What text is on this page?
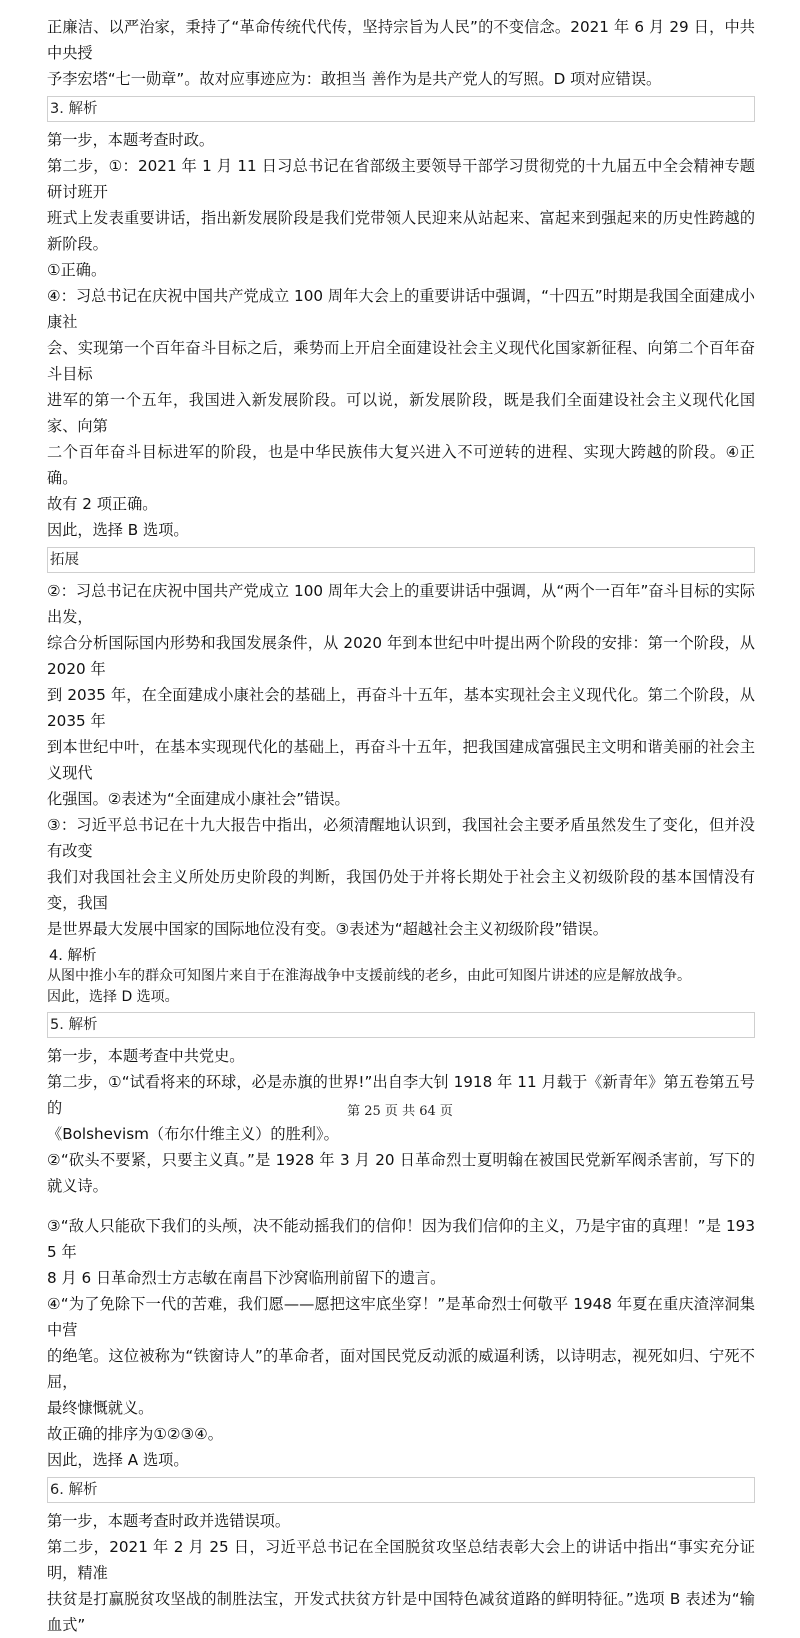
正廉洁、以严治家，秉持了“革命传统代代传，坚持宗旨为人民”的不变信念。2021 年 6 月 29 日，中共中央授

予李宏塔“七一勋章”。故对应事迹应为：敢担当 善作为是共产党人的写照。D 项对应错误。

3. 解析

第一步，本题考查时政。

第二步，①：2021 年 1 月 11 日习总书记在省部级主要领导干部学习贯彻党的十九届五中全会精神专题研讨班开

班式上发表重要讲话，指出新发展阶段是我们党带领人民迎来从站起来、富起来到强起来的历史性跨越的新阶段。

①正确。

④：习总书记在庆祝中国共产党成立 100 周年大会上的重要讲话中强调，“十四五”时期是我国全面建成小康社

会、实现第一个百年奋斗目标之后，乘势而上开启全面建设社会主义现代化国家新征程、向第二个百年奋斗目标

进军的第一个五年，我国进入新发展阶段。可以说，新发展阶段，既是我们全面建设社会主义现代化国家、向第

二个百年奋斗目标进军的阶段，也是中华民族伟大复兴进入不可逆转的进程、实现大跨越的阶段。④正确。

故有 2 项正确。

因此，选择 B 选项。

拓展

②：习总书记在庆祝中国共产党成立 100 周年大会上的重要讲话中强调，从“两个一百年”奋斗目标的实际出发，

综合分析国际国内形势和我国发展条件，从 2020 年到本世纪中叶提出两个阶段的安排：第一个阶段，从 2020 年

到 2035 年，在全面建成小康社会的基础上，再奋斗十五年，基本实现社会主义现代化。第二个阶段，从 2035 年

到本世纪中叶，在基本实现现代化的基础上，再奋斗十五年，把我国建成富强民主文明和谐美丽的社会主义现代

化强国。②表述为“全面建成小康社会”错误。

③：习近平总书记在十九大报告中指出，必须清醒地认识到，我国社会主要矛盾虽然发生了变化，但并没有改变

我们对我国社会主义所处历史阶段的判断，我国仍处于并将长期处于社会主义初级阶段的基本国情没有变，我国

是世界最大发展中国家的国际地位没有变。③表述为“超越社会主义初级阶段”错误。

4. 解析

从图中推小车的群众可知图片来自于在淮海战争中支援前线的老乡，由此可知图片讲述的应是解放战争。

因此，选择 D 选项。

5. 解析

第一步，本题考查中共党史。

第二步，①“试看将来的环球，必是赤旗的世界!”出自李大钊 1918 年 11 月载于《新青年》第五卷第五号的

《Bolshevism（布尔什维主义）的胜利》。

②“砍头不要紧，只要主义真。”是 1928 年 3 月 20 日革命烈士夏明翰在被国民党新军阀杀害前，写下的就义诗。

③“敌人只能砍下我们的头颅，决不能动摇我们的信仰！因为我们信仰的主义，乃是宇宙的真理！”是 1935 年

8 月 6 日革命烈士方志敏在南昌下沙窝临刑前留下的遗言。

④“为了免除下一代的苦难，我们愿——愿把这牢底坐穿！”是革命烈士何敬平 1948 年夏在重庆渣滓洞集中营

的绝笔。这位被称为“铁窗诗人”的革命者，面对国民党反动派的威逼利诱，以诗明志，视死如归、宁死不屈，

最终慷慨就义。

故正确的排序为①②③④。

因此，选择 A 选项。

6. 解析

第一步，本题考查时政并选错误项。

第二步，2021 年 2 月 25 日，习近平总书记在全国脱贫攻坚总结表彰大会上的讲话中指出“事实充分证明，精准

扶贫是打赢脱贫攻坚战的制胜法宝，开发式扶贫方针是中国特色减贫道路的鲜明特征。”选项 B 表述为“输血式”

第 25 页 共 64 页
